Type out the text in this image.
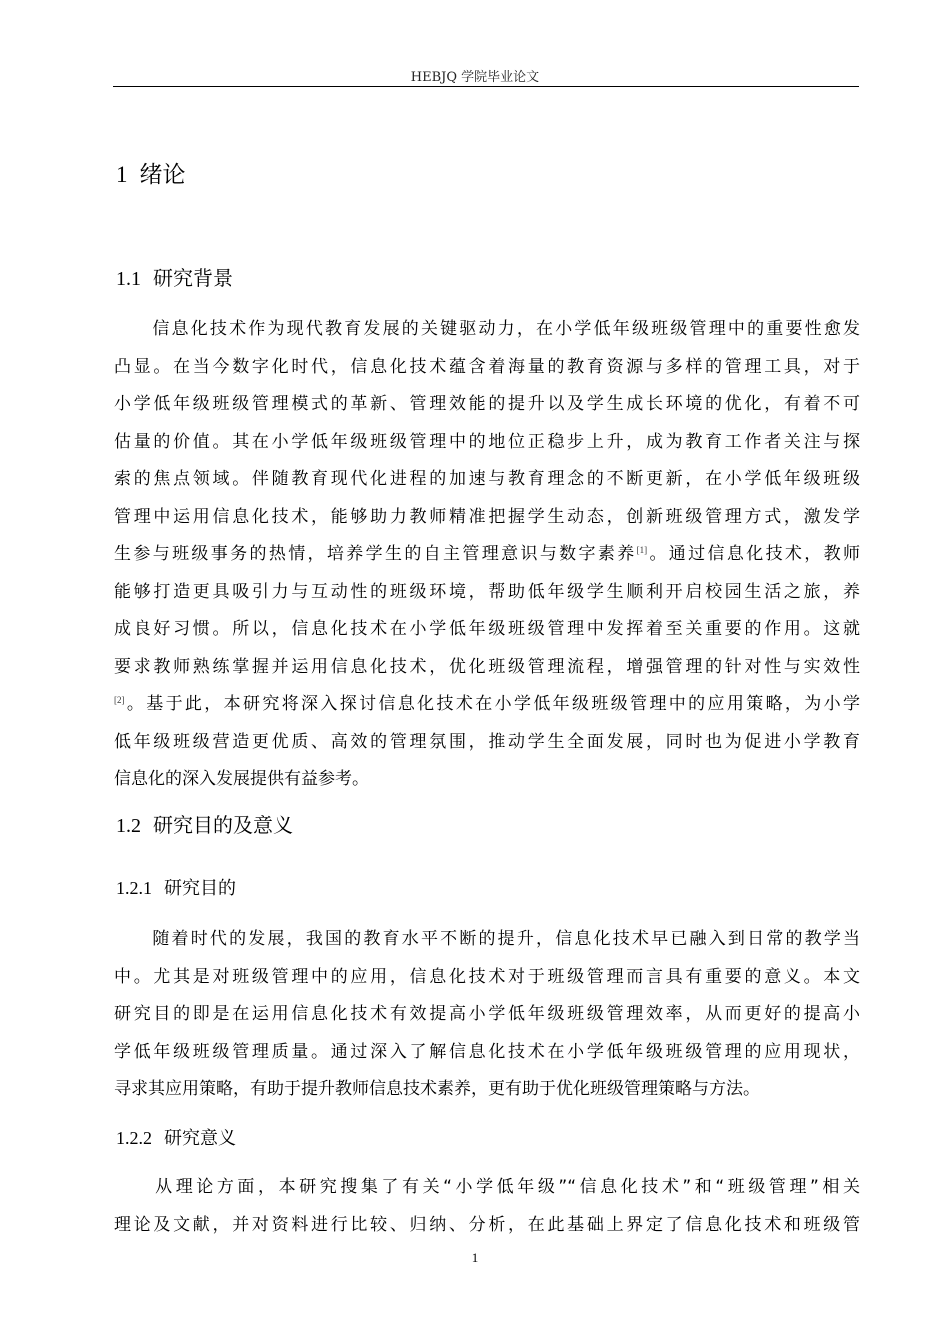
HEBJQ 学院毕业论文
1 绪论
1.1 研究背景
　　信息化技术作为现代教育发展的关键驱动力，在小学低年级班级管理中的重要性愈发
凸显。在当今数字化时代，信息化技术蕴含着海量的教育资源与多样的管理工具，对于
小学低年级班级管理模式的革新、管理效能的提升以及学生成长环境的优化，有着不可
估量的价值。其在小学低年级班级管理中的地位正稳步上升，成为教育工作者关注与探
索的焦点领域。伴随教育现代化进程的加速与教育理念的不断更新，在小学低年级班级
管理中运用信息化技术，能够助力教师精准把握学生动态，创新班级管理方式，激发学
生参与班级事务的热情，培养学生的自主管理意识与数字素养[1]。通过信息化技术，教师
能够打造更具吸引力与互动性的班级环境，帮助低年级学生顺利开启校园生活之旅，养
成良好习惯。所以，信息化技术在小学低年级班级管理中发挥着至关重要的作用。这就
要求教师熟练掌握并运用信息化技术，优化班级管理流程，增强管理的针对性与实效性
[2]。基于此，本研究将深入探讨信息化技术在小学低年级班级管理中的应用策略，为小学
低年级班级营造更优质、高效的管理氛围，推动学生全面发展，同时也为促进小学教育
信息化的深入发展提供有益参考。
1.2 研究目的及意义
1.2.1 研究目的
　　随着时代的发展，我国的教育水平不断的提升，信息化技术早已融入到日常的教学当
中。尤其是对班级管理中的应用，信息化技术对于班级管理而言具有重要的意义。本文
研究目的即是在运用信息化技术有效提高小学低年级班级管理效率，从而更好的提高小
学低年级班级管理质量。通过深入了解信息化技术在小学低年级班级管理的应用现状，
寻求其应用策略，有助于提升教师信息技术素养，更有助于优化班级管理策略与方法。
1.2.2 研究意义
　　从理论方面，本研究搜集了有关“小学低年级”“信息化技术”和“班级管理”相关
理论及文献，并对资料进行比较、归纳、分析，在此基础上界定了信息化技术和班级管
1
